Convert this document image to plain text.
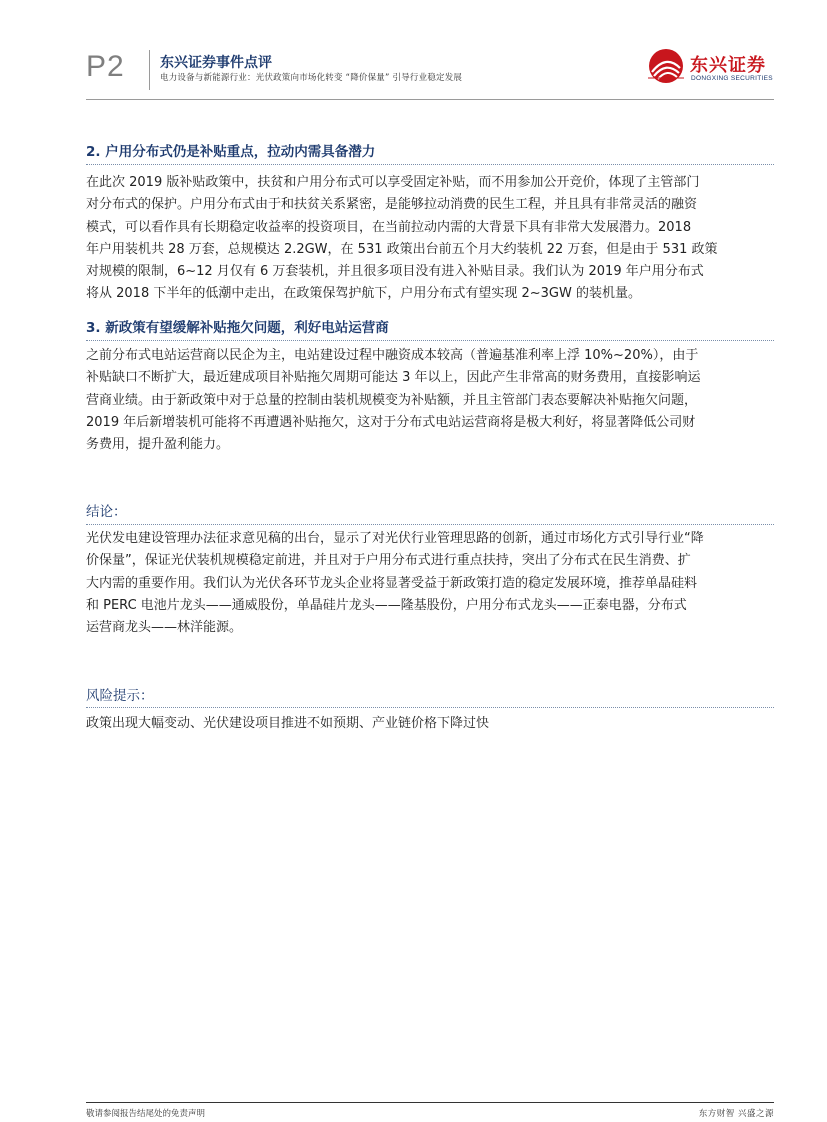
P2	东兴证券事件点评
电力设备与新能源行业：光伏政策向市场化转变 “降价保量” 引导行业稳定发展
东兴证券
DONGXING SECURITIES
2. 户用分布式仍是补贴重点，拉动内需具备潜力
在此次 2019 版补贴政策中，扶贫和户用分布式可以享受固定补贴，而不用参加公开竞价，体现了主管部门
对分布式的保护。户用分布式由于和扶贫关系紧密，是能够拉动消费的民生工程，并且具有非常灵活的融资
模式，可以看作具有长期稳定收益率的投资项目，在当前拉动内需的大背景下具有非常大发展潜力。2018
年户用装机共 28 万套，总规模达 2.2GW，在 531 政策出台前五个月大约装机 22 万套，但是由于 531 政策
对规模的限制，6~12 月仅有 6 万套装机，并且很多项目没有进入补贴目录。我们认为 2019 年户用分布式
将从 2018 下半年的低潮中走出，在政策保驾护航下，户用分布式有望实现 2~3GW 的装机量。
3. 新政策有望缓解补贴拖欠问题，利好电站运营商
之前分布式电站运营商以民企为主，电站建设过程中融资成本较高（普遍基准利率上浮 10%~20%），由于
补贴缺口不断扩大，最近建成项目补贴拖欠周期可能达 3 年以上，因此产生非常高的财务费用，直接影响运
营商业绩。由于新政策中对于总量的控制由装机规模变为补贴额，并且主管部门表态要解决补贴拖欠问题，
2019 年后新增装机可能将不再遭遇补贴拖欠，这对于分布式电站运营商将是极大利好，将显著降低公司财
务费用，提升盈利能力。
结论：
光伏发电建设管理办法征求意见稿的出台，显示了对光伏行业管理思路的创新，通过市场化方式引导行业“降
价保量”，保证光伏装机规模稳定前进，并且对于户用分布式进行重点扶持，突出了分布式在民生消费、扩
大内需的重要作用。我们认为光伏各环节龙头企业将显著受益于新政策打造的稳定发展环境，推荐单晶硅料
和 PERC 电池片龙头——通威股份，单晶硅片龙头——隆基股份，户用分布式龙头——正泰电器，分布式
运营商龙头——林洋能源。
风险提示：
政策出现大幅变动、光伏建设项目推进不如预期、产业链价格下降过快
敬请参阅报告结尾处的免责声明	东方财智 兴盛之源
